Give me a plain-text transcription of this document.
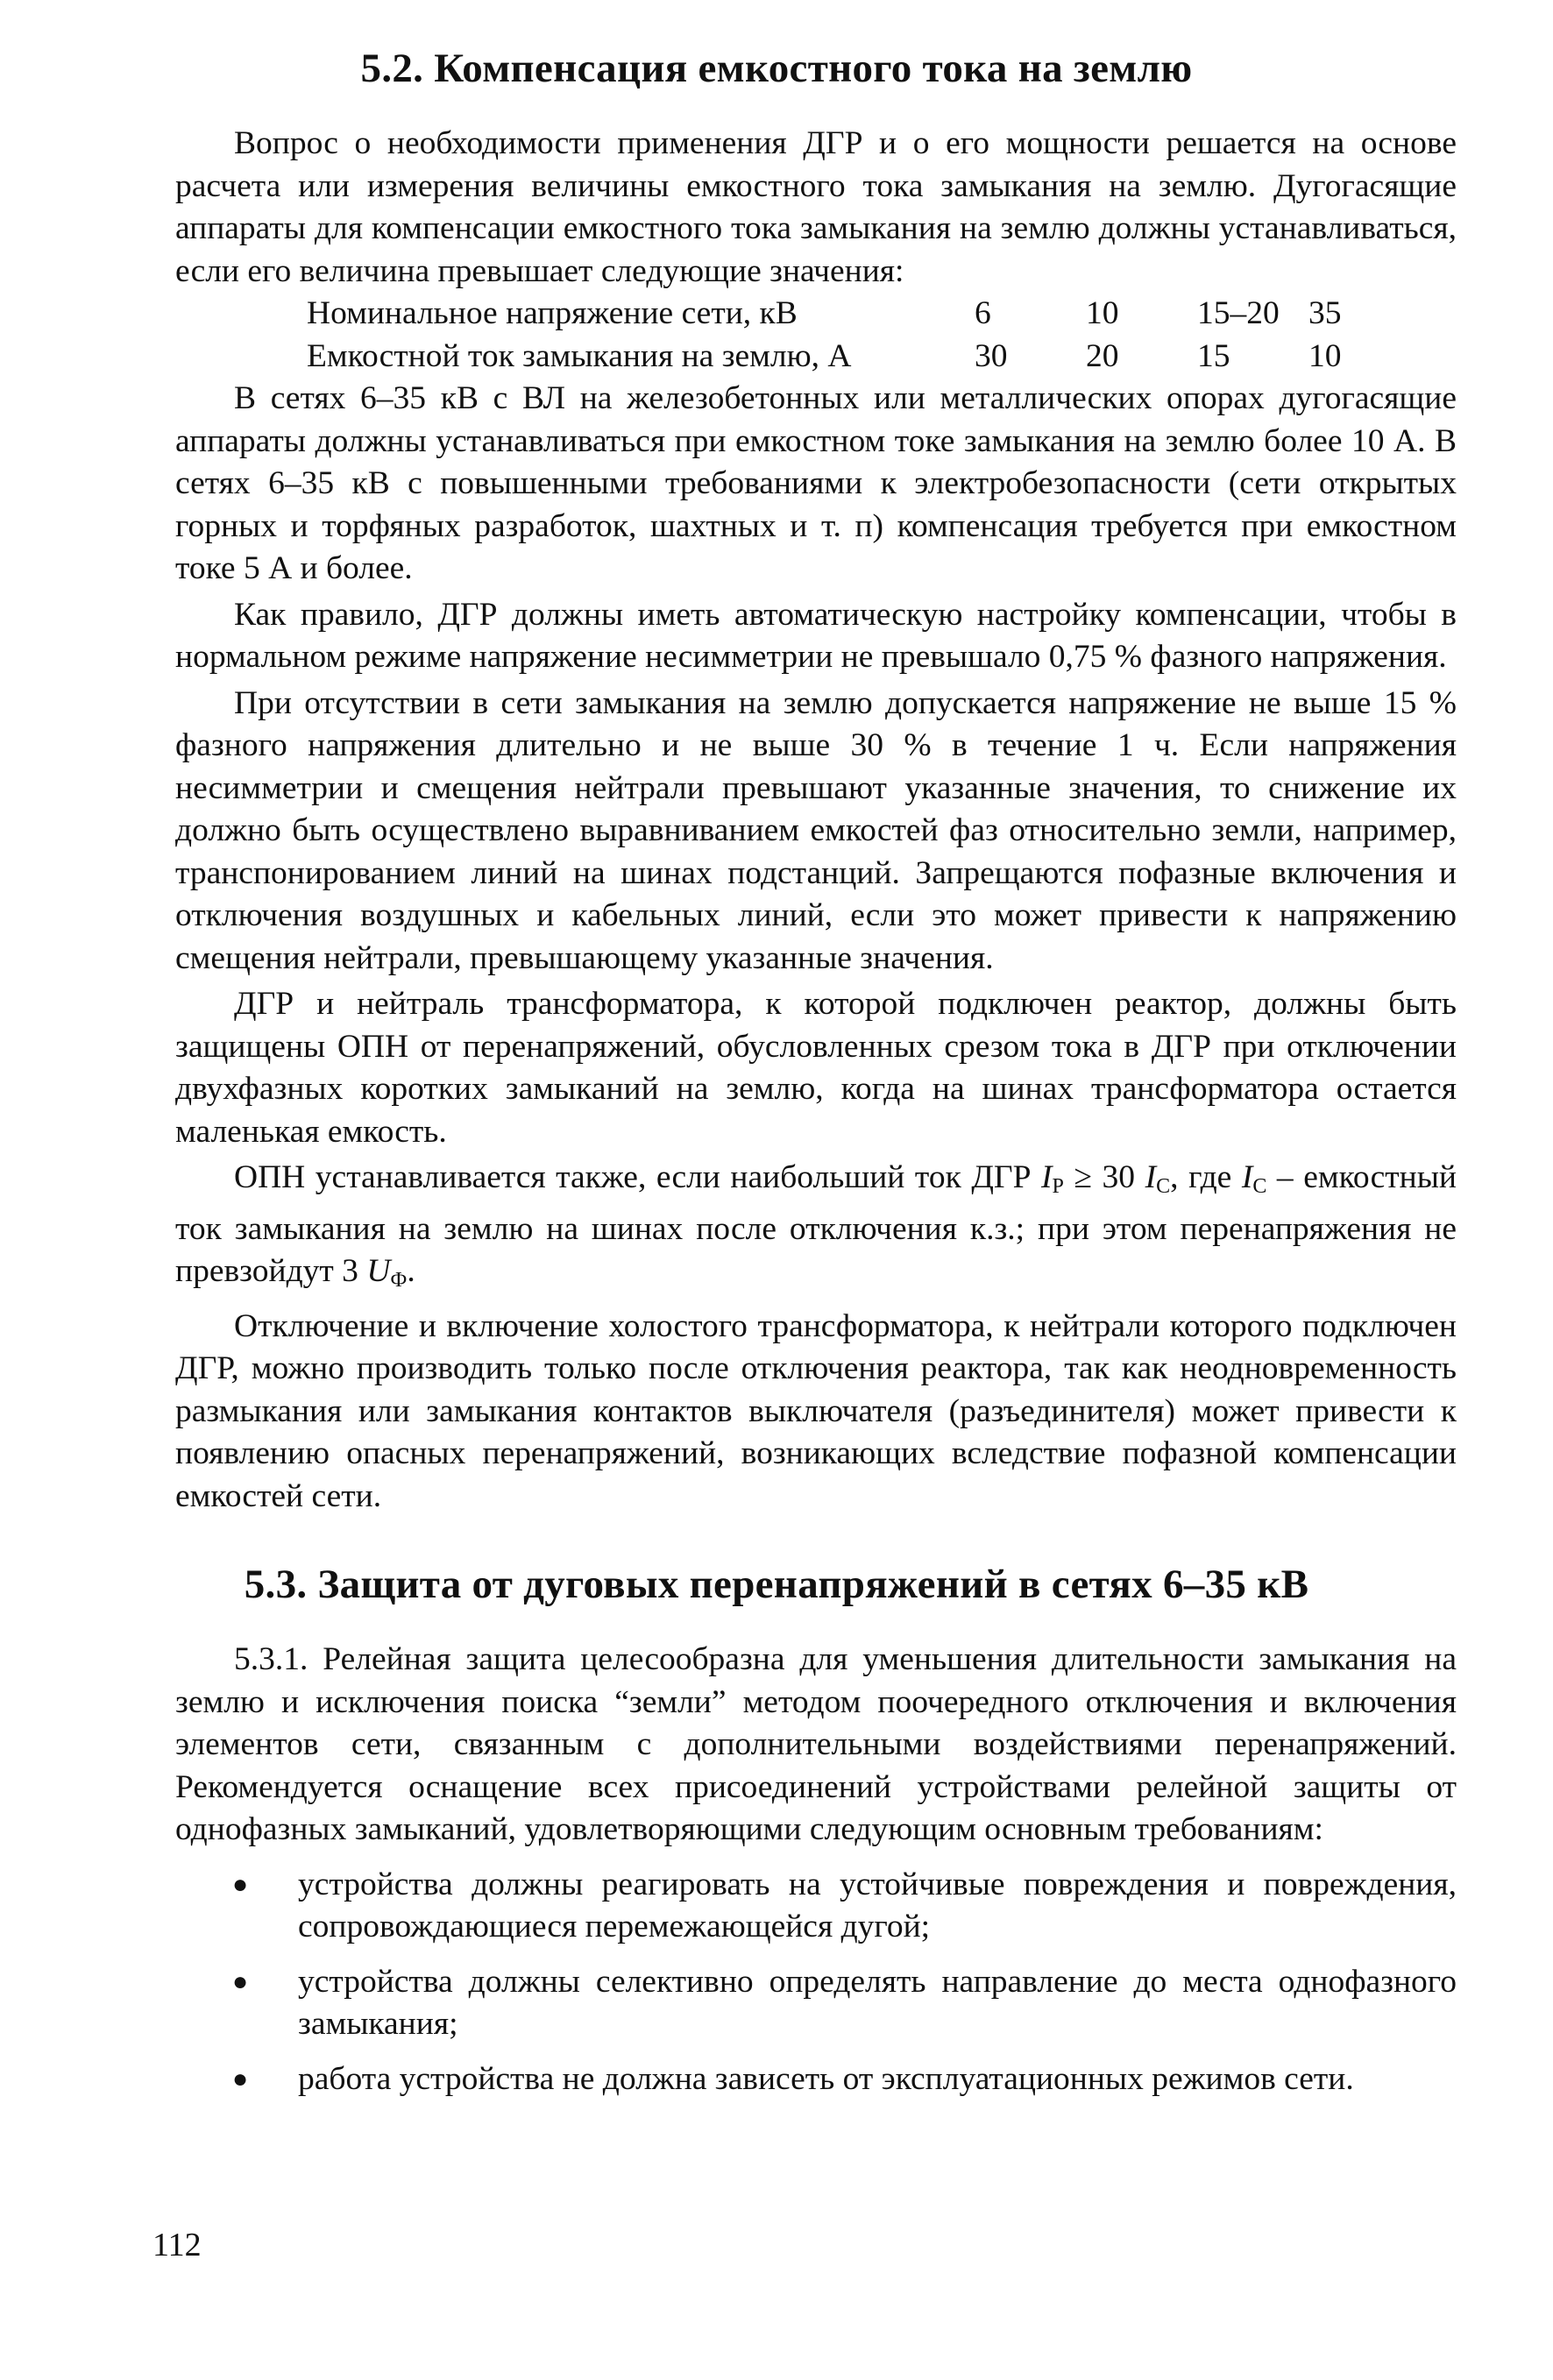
5.2. Компенсация емкостного тока на землю

Вопрос о необходимости применения ДГР и о его мощности решается на основе расчета или измерения величины емкостного тока замыкания на землю. Дугогасящие аппараты для компенсации емкостного тока замыкания на землю должны устанавливаться, если его величина превышает следующие значения:

Номинальное напряжение сети, кВ	6	10	15–20	35
Емкостной ток замыкания на землю, А	30	20	15	10

В сетях 6–35 кВ с ВЛ на железобетонных или металлических опорах дугогасящие аппараты должны устанавливаться при емкостном токе замыкания на землю более 10 А. В сетях 6–35 кВ с повышенными требованиями к электробезопасности (сети открытых горных и торфяных разработок, шахтных и т. п) компенсация требуется при емкостном токе 5 А и более.

Как правило, ДГР должны иметь автоматическую настройку компенсации, чтобы в нормальном режиме напряжение несимметрии не превышало 0,75 % фазного напряжения.

При отсутствии в сети замыкания на землю допускается напряжение не выше 15 % фазного напряжения длительно и не выше 30 % в течение 1 ч. Если напряжения несимметрии и смещения нейтрали превышают указанные значения, то снижение их должно быть осуществлено выравниванием емкостей фаз относительно земли, например, транспонированием линий на шинах подстанций. Запрещаются пофазные включения и отключения воздушных и кабельных линий, если это может привести к напряжению смещения нейтрали, превышающему указанные значения.

ДГР и нейтраль трансформатора, к которой подключен реактор, должны быть защищены ОПН от перенапряжений, обусловленных срезом тока в ДГР при отключении двухфазных коротких замыканий на землю, когда на шинах трансформатора остается маленькая емкость.

ОПН устанавливается также, если наибольший ток ДГР $I_Р \ge 30$ $I_С$, где $I_С$ – емкостный ток замыкания на землю на шинах после отключения к.з.; при этом перенапряжения не превзойдут 3 $U_Ф$.

Отключение и включение холостого трансформатора, к нейтрали которого подключен ДГР, можно производить только после отключения реактора, так как неодновременность размыкания или замыкания контактов выключателя (разъединителя) может привести к появлению опасных перенапряжений, возникающих вследствие пофазной компенсации емкостей сети.

5.3. Защита от дуговых перенапряжений в сетях 6–35 кВ

5.3.1. Релейная защита целесообразна для уменьшения длительности замыкания на землю и исключения поиска “земли” методом поочередного отключения и включения элементов сети, связанным с дополнительными воздействиями перенапряжений. Рекомендуется оснащение всех присоединений устройствами релейной защиты от однофазных замыканий, удовлетворяющими следующим основным требованиям:

● устройства должны реагировать на устойчивые повреждения и повреждения, сопровождающиеся перемежающейся дугой;
● устройства должны селективно определять направление до места однофазного замыкания;
● работа устройства не должна зависеть от эксплуатационных режимов сети.
112
